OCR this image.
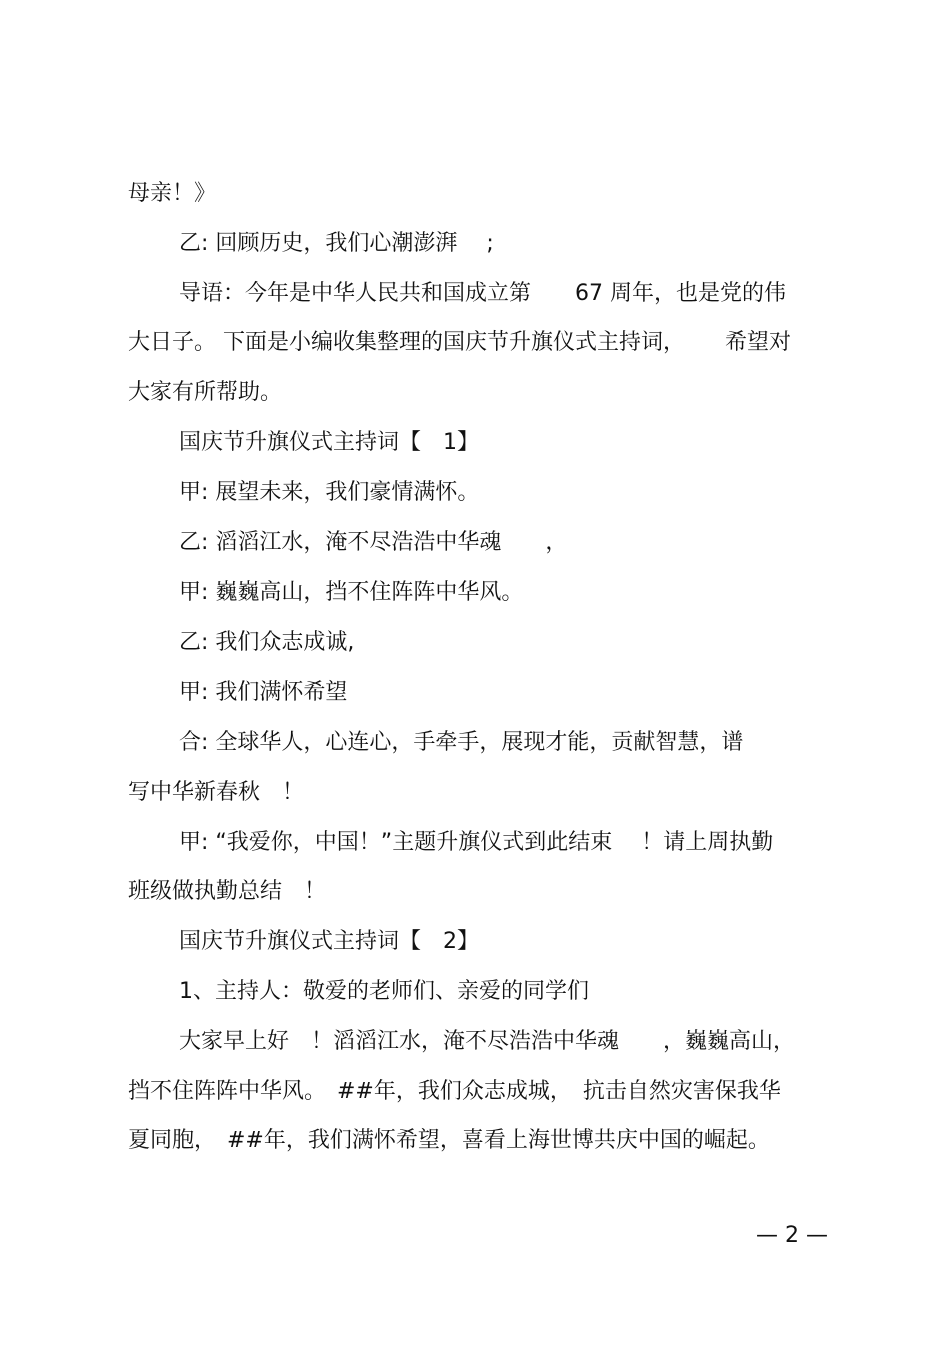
母亲！》

乙: 回顾历史，我们心潮澎湃　 ;

导语：今年是中华人民共和国成立第　　67 周年，也是党的伟

大日子。 下面是小编收集整理的国庆节升旗仪式主持词，　　 希望对

大家有所帮助。

国庆节升旗仪式主持词【　1】

甲: 展望未来，我们豪情满怀。

乙: 滔滔江水，淹不尽浩浩中华魂　　，

甲: 巍巍高山，挡不住阵阵中华风。

乙: 我们众志成诚,

甲: 我们满怀希望

合: 全球华人，心连心，手牵手，展现才能，贡献智慧，谱

写中华新春秋　！

甲: “我爱你，中国！”主题升旗仪式到此结束　 ！请上周执勤

班级做执勤总结　！

国庆节升旗仪式主持词【　2】

1、主持人：敬爱的老师们、亲爱的同学们

大家早上好　！滔滔江水，淹不尽浩浩中华魂　　，巍巍高山，

挡不住阵阵中华风。　##年，我们众志成城，　抗击自然灾害保我华

夏同胞，　##年，我们满怀希望，喜看上海世博共庆中国的崛起。

— 2 —
